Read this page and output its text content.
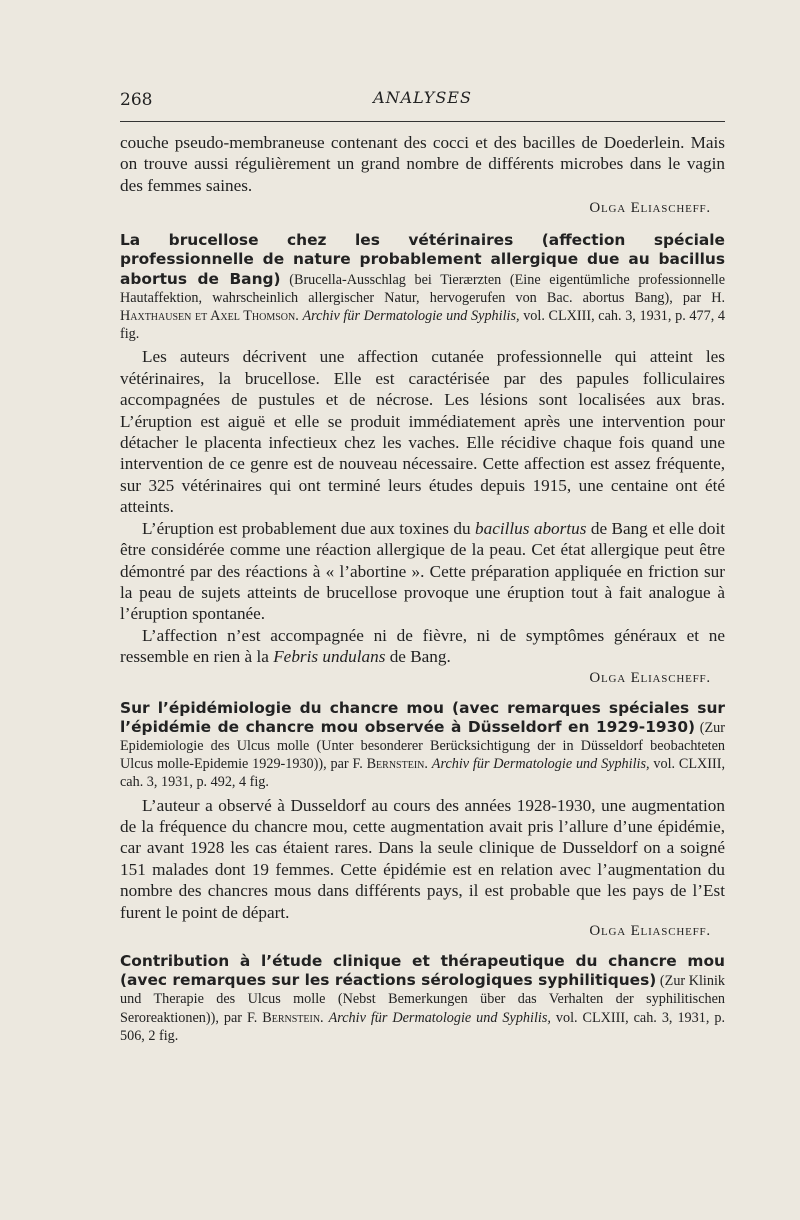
268	ANALYSES

couche pseudo-membraneuse contenant des cocci et des bacilles de Doederlein. Mais on trouve aussi régulièrement un grand nombre de différents microbes dans le vagin des femmes saines.

Olga Eliascheff.

La brucellose chez les vétérinaires (affection spéciale professionnelle de nature probablement allergique due au bacillus abortus de Bang) (Brucella-Ausschlag bei Tierærzten (Eine eigentümliche professionnelle Hautaffektion, wahrscheinlich allergischer Natur, hervogerufen von Bac. abortus Bang), par H. Haxthausen et Axel Thomson. Archiv für Dermatologie und Syphilis, vol. CLXIII, cah. 3, 1931, p. 477, 4 fig.

Les auteurs décrivent une affection cutanée professionnelle qui atteint les vétérinaires, la brucellose. Elle est caractérisée par des papules folliculaires accompagnées de pustules et de nécrose. Les lésions sont localisées aux bras. L’éruption est aiguë et elle se produit immédiatement après une intervention pour détacher le placenta infectieux chez les vaches. Elle récidive chaque fois quand une intervention de ce genre est de nouveau nécessaire. Cette affection est assez fréquente, sur 325 vétérinaires qui ont terminé leurs études depuis 1915, une centaine ont été atteints.

L’éruption est probablement due aux toxines du bacillus abortus de Bang et elle doit être considérée comme une réaction allergique de la peau. Cet état allergique peut être démontré par des réactions à « l’abortine ». Cette préparation appliquée en friction sur la peau de sujets atteints de brucellose provoque une éruption tout à fait analogue à l’éruption spontanée.

L’affection n’est accompagnée ni de fièvre, ni de symptômes généraux et ne ressemble en rien à la Febris undulans de Bang.

Olga Eliascheff.

Sur l’épidémiologie du chancre mou (avec remarques spéciales sur l’épidémie de chancre mou observée à Düsseldorf en 1929-1930) (Zur Epidemiologie des Ulcus molle (Unter besonderer Berücksichtigung der in Düsseldorf beobachteten Ulcus molle-Epidemie 1929-1930)), par F. Bernstein. Archiv für Dermatologie und Syphilis, vol. CLXIII, cah. 3, 1931, p. 492, 4 fig.

L’auteur a observé à Dusseldorf au cours des années 1928-1930, une augmentation de la fréquence du chancre mou, cette augmentation avait pris l’allure d’une épidémie, car avant 1928 les cas étaient rares. Dans la seule clinique de Dusseldorf on a soigné 151 malades dont 19 femmes. Cette épidémie est en relation avec l’augmentation du nombre des chancres mous dans différents pays, il est probable que les pays de l’Est furent le point de départ.

Olga Eliascheff.

Contribution à l’étude clinique et thérapeutique du chancre mou (avec remarques sur les réactions sérologiques syphilitiques) (Zur Klinik und Therapie des Ulcus molle (Nebst Bemerkungen über das Verhalten der syphilitischen Seroreaktionen)), par F. Bernstein. Archiv für Dermatologie und Syphilis, vol. CLXIII, cah. 3, 1931, p. 506, 2 fig.
